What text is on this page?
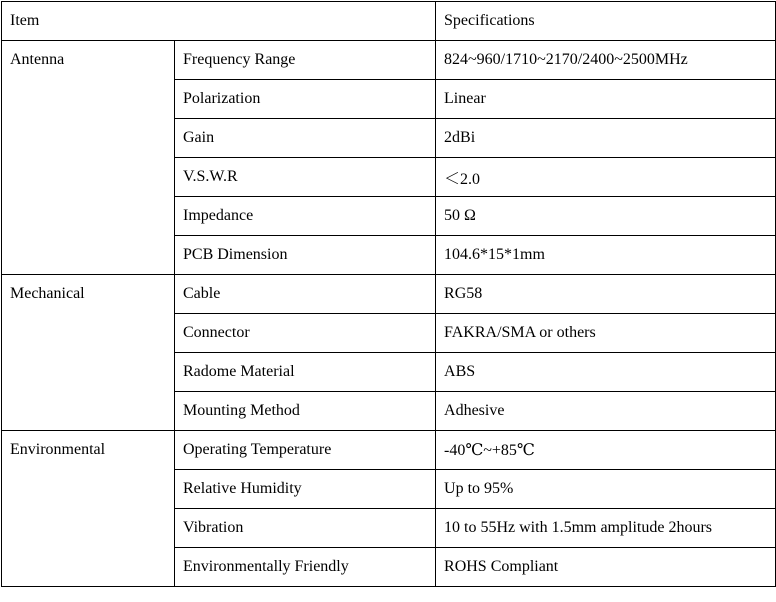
Item		Specifications
Antenna	Frequency Range	824~960/1710~2170/2400~2500MHz
	Polarization	Linear
	Gain	2dBi
	V.S.W.R	＜2.0
	Impedance	50 Ω
	PCB Dimension	104.6*15*1mm
Mechanical	Cable	RG58
	Connector	FAKRA/SMA or others
	Radome Material	ABS
	Mounting Method	Adhesive
Environmental	Operating Temperature	-40℃~+85℃
	Relative Humidity	Up to 95%
	Vibration	10 to 55Hz with 1.5mm amplitude 2hours
	Environmentally Friendly	ROHS Compliant
